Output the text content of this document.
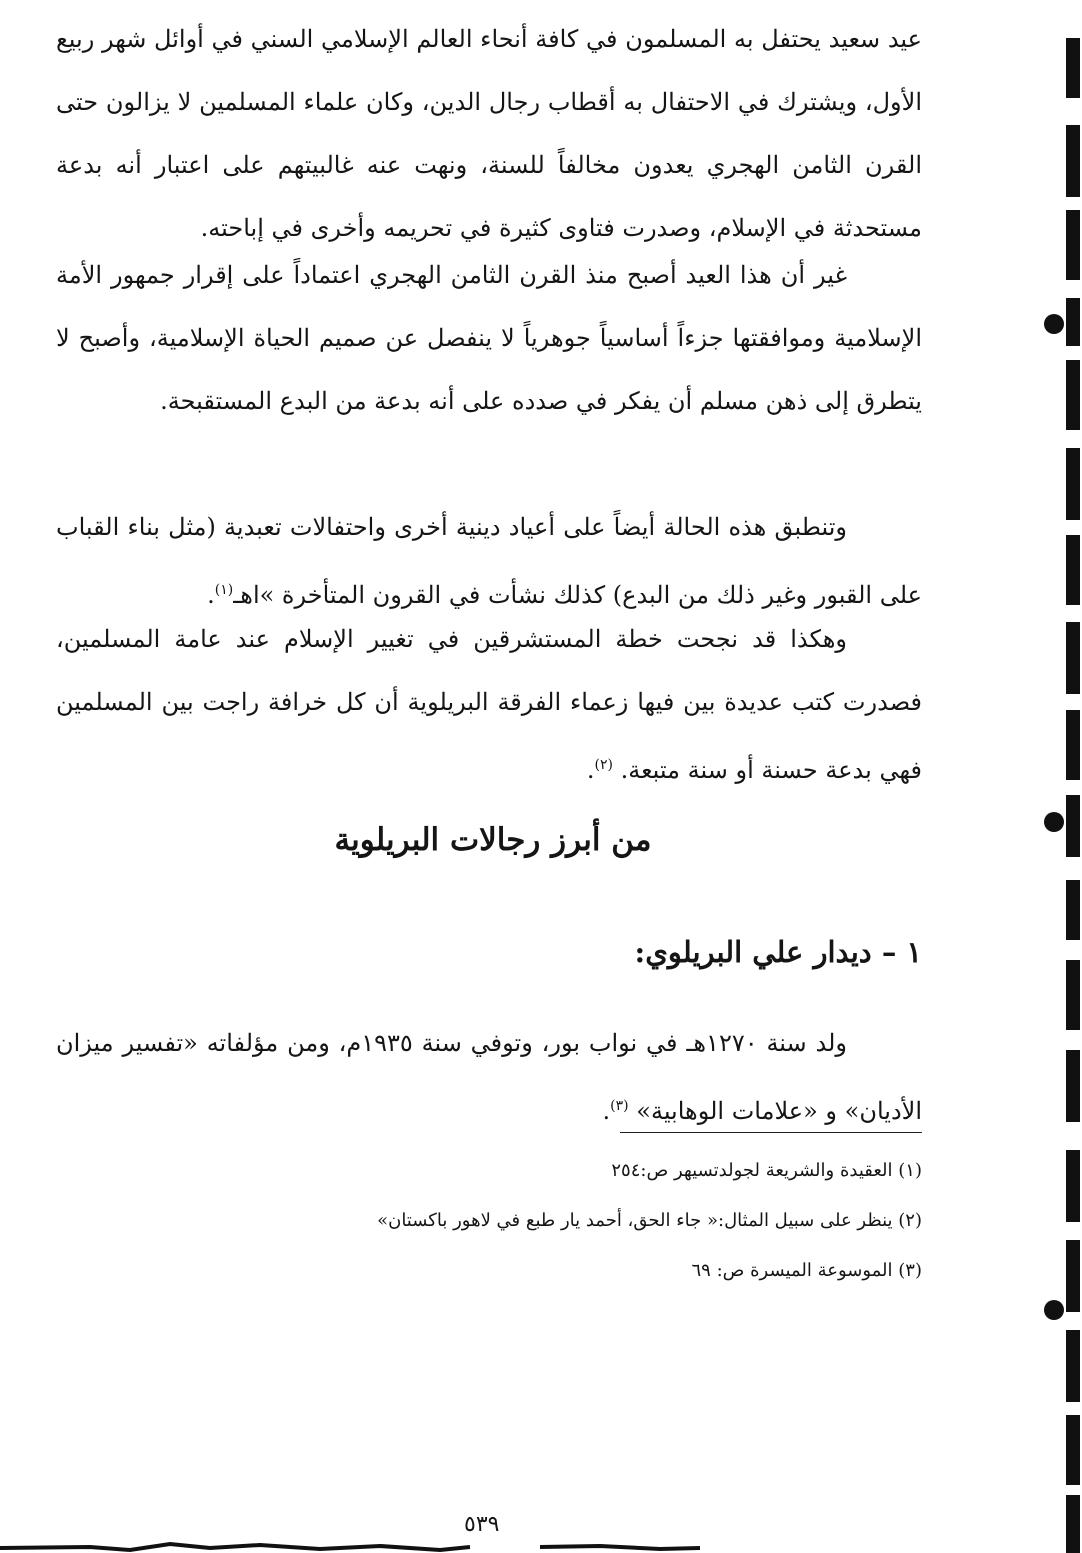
عيد سعيد يحتفل به المسلمون في كافة أنحاء العالم الإسلامي السني في أوائل شهر ربيع الأول، ويشترك في الاحتفال به أقطاب رجال الدين، وكان علماء المسلمين لا يزالون حتى القرن الثامن الهجري يعدون مخالفاً للسنة، ونهت عنه غالبيتهم على اعتبار أنه بدعة مستحدثة في الإسلام، وصدرت فتاوى كثيرة في تحريمه وأخرى في إباحته.

غير أن هذا العيد أصبح منذ القرن الثامن الهجري اعتماداً على إقرار جمهور الأمة الإسلامية وموافقتها جزءاً أساسياً جوهرياً لا ينفصل عن صميم الحياة الإسلامية، وأصبح لا يتطرق إلى ذهن مسلم أن يفكر في صدده على أنه بدعة من البدع المستقبحة.

وتنطبق هذه الحالة أيضاً على أعياد دينية أخرى واحتفالات تعبدية (مثل بناء القباب على القبور وغير ذلك من البدع) كذلك نشأت في القرون المتأخرة »اهـ$^{(١)}$.

وهكذا قد نجحت خطة المستشرقين في تغيير الإسلام عند عامة المسلمين، فصدرت كتب عديدة بين فيها زعماء الفرقة البريلوية أن كل خرافة راجت بين المسلمين فهي بدعة حسنة أو سنة متبعة. $^{(٢)}$.

من أبرز رجالات البريلوية
١ – ديدار علي البريلوي:

ولد سنة ١٢٧٠هـ في نواب بور، وتوفي سنة ١٩٣٥م، ومن مؤلفاته «تفسير ميزان الأديان» و «علامات الوهابية» $^{(٣)}$.

(١) العقيدة والشريعة لجولدتسيهر ص:٢٥٤
(٢) ينظر على سبيل المثال:« جاء الحق، أحمد يار طبع في لاهور باكستان»
(٣) الموسوعة الميسرة ص: ٦٩
٥٣٩
